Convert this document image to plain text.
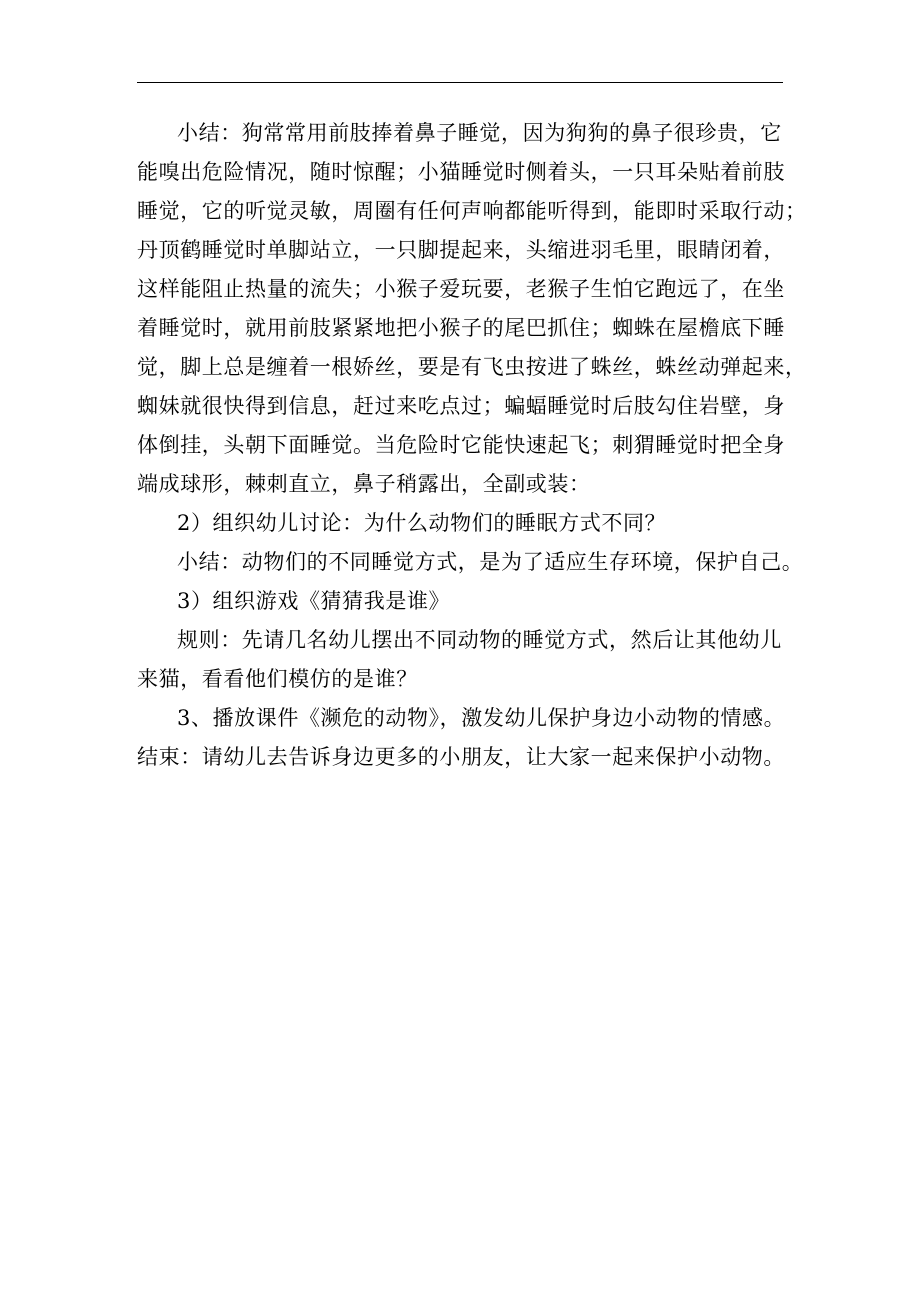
小结：狗常常用前肢捧着鼻子睡觉，因为狗狗的鼻子很珍贵，它
能嗅出危险情况，随时惊醒；小猫睡觉时侧着头，一只耳朵贴着前肢
睡觉，它的听觉灵敏，周圈有任何声响都能听得到，能即时采取行动；
丹顶鹤睡觉时单脚站立，一只脚提起来，头缩进羽毛里，眼睛闭着，
这样能阻止热量的流失；小猴子爱玩要，老猴子生怕它跑远了，在坐
着睡觉时，就用前肢紧紧地把小猴子的尾巴抓住；蜘蛛在屋檐底下睡
觉，脚上总是缠着一根娇丝，要是有飞虫按进了蛛丝，蛛丝动弹起来，
蜘妹就很快得到信息，赶过来吃点过；蝙蝠睡觉时后肢勾住岩壁，身
体倒挂，头朝下面睡觉。当危险时它能快速起飞；刺猬睡觉时把全身
端成球形，棘刺直立，鼻子稍露出，全副或装：
2）组织幼儿讨论：为什么动物们的睡眠方式不同？
小结：动物们的不同睡觉方式，是为了适应生存环境，保护自己。
3）组织游戏《猜猜我是谁》
规则：先请几名幼儿摆出不同动物的睡觉方式，然后让其他幼儿
来猫，看看他们模仿的是谁？
3、播放课件《濒危的动物》，激发幼儿保护身边小动物的情感。
结束：请幼儿去告诉身边更多的小朋友，让大家一起来保护小动物。
